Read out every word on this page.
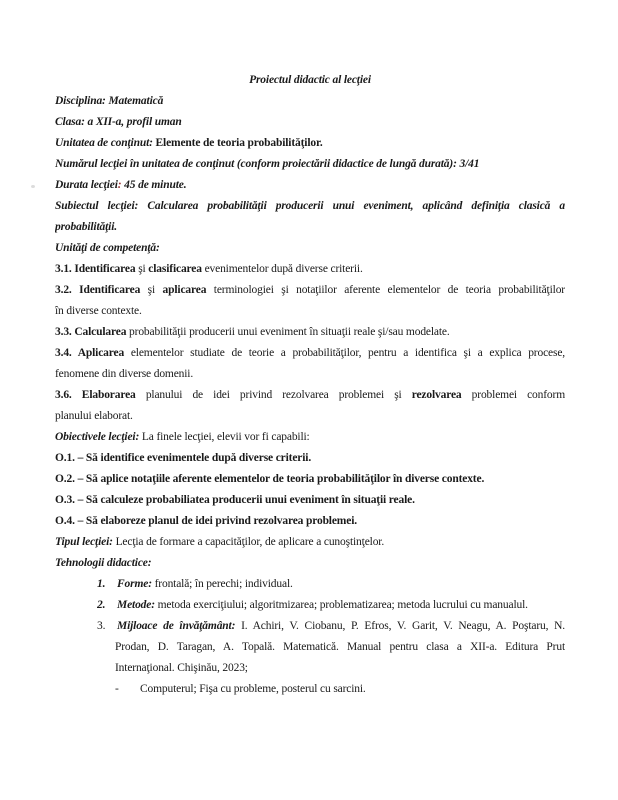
Proiectul didactic al lecţiei
Disciplina: Matematică
Clasa: a XII-a, profil uman
Unitatea de conţinut: Elemente de teoria probabilităţilor.
Numărul lecţiei în unitatea de conţinut (conform proiectării didactice de lungă durată): 3/41
Durata lecţiei: 45 de minute.
Subiectul lecţiei: Calcularea probabilităţii producerii unui eveniment, aplicând definiţia clasică a
probabilităţii.
Unităţi de competenţă:
3.1. Identificarea şi clasificarea evenimentelor după diverse criterii.
3.2. Identificarea şi aplicarea terminologiei şi notaţiilor aferente elementelor de teoria probabilităţilor
în diverse contexte.
3.3. Calcularea probabilităţii producerii unui eveniment în situaţii reale şi/sau modelate.
3.4. Aplicarea elementelor studiate de teorie a probabilităţilor, pentru a identifica şi a explica procese,
fenomene din diverse domenii.
3.6. Elaborarea planului de idei privind rezolvarea problemei şi rezolvarea problemei conform
planului elaborat.
Obiectivele lecţiei: La finele lecţiei, elevii vor fi capabili:
O.1. – Să identifice evenimentele după diverse criterii.
O.2. – Să aplice notaţiile aferente elementelor de teoria probabilităţilor în diverse contexte.
O.3. – Să calculeze probabiliatea producerii unui eveniment în situaţii reale.
O.4. – Să elaboreze planul de idei privind rezolvarea problemei.
Tipul lecţiei: Lecţia de formare a capacităţilor, de aplicare a cunoştinţelor.
Tehnologii didactice:
1. Forme: frontală; în perechi; individual.
2. Metode: metoda exerciţiului; algoritmizarea; problematizarea; metoda lucrului cu manualul.
3. Mijloace de învăţământ: I. Achiri, V. Ciobanu, P. Efros, V. Garit, V. Neagu, A. Poştaru, N.
Prodan, D. Taragan, A. Topală. Matematică. Manual pentru clasa a XII-a. Editura Prut
Internaţional. Chişinău, 2023;
- Computerul; Fişa cu probleme, posterul cu sarcini.
